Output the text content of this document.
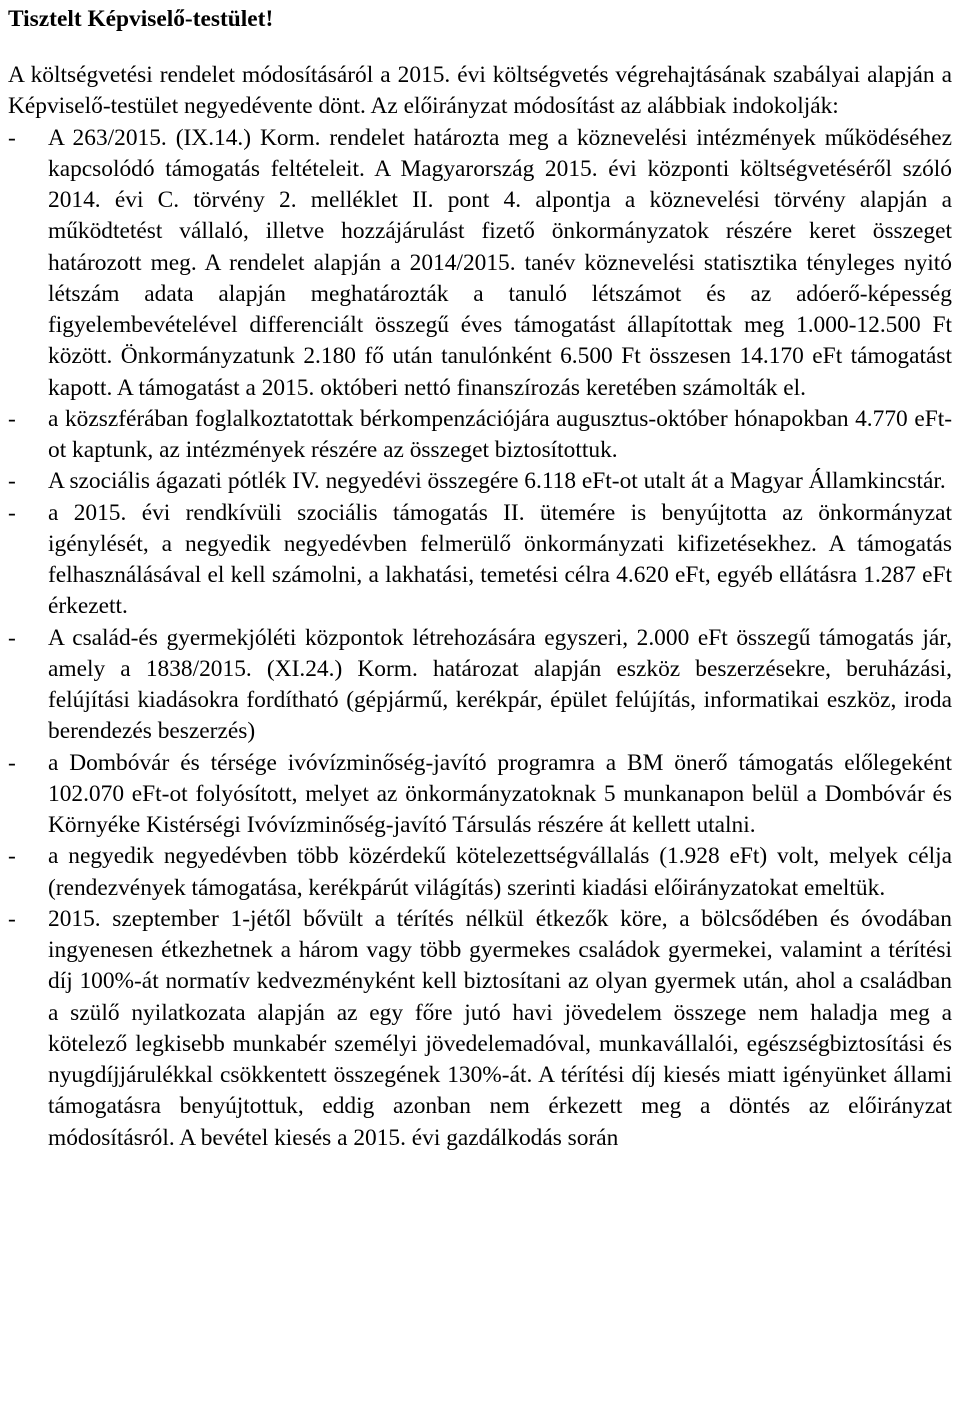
Tisztelt Képviselő-testület!

A költségvetési rendelet módosításáról a 2015. évi költségvetés végrehajtásának szabályai alapján a Képviselő-testület negyedévente dönt. Az előirányzat módosítást az alábbiak indokolják:

- A 263/2015. (IX.14.) Korm. rendelet határozta meg a köznevelési intézmények működéséhez kapcsolódó támogatás feltételeit. A Magyarország 2015. évi központi költségvetéséről szóló 2014. évi C. törvény 2. melléklet II. pont 4. alpontja a köznevelési törvény alapján a működtetést vállaló, illetve hozzájárulást fizető önkormányzatok részére keret összeget határozott meg. A rendelet alapján a 2014/2015. tanév köznevelési statisztika tényleges nyitó létszám adata alapján meghatározták a tanuló létszámot és az adóerő-képesség figyelembevételével differenciált összegű éves támogatást állapítottak meg 1.000-12.500 Ft között. Önkormányzatunk 2.180 fő után tanulónként 6.500 Ft összesen 14.170 eFt támogatást kapott. A támogatást a 2015. októberi nettó finanszírozás keretében számolták el.
- a közszférában foglalkoztatottak bérkompenzációjára augusztus-október hónapokban 4.770 eFt-ot kaptunk, az intézmények részére az összeget biztosítottuk.
- A szociális ágazati pótlék IV. negyedévi összegére 6.118 eFt-ot utalt át a Magyar Államkincstár.
- a 2015. évi rendkívüli szociális támogatás II. ütemére is benyújtotta az önkormányzat igénylését, a negyedik negyedévben felmerülő önkormányzati kifizetésekhez. A támogatás felhasználásával el kell számolni, a lakhatási, temetési célra 4.620 eFt, egyéb ellátásra 1.287 eFt érkezett.
- A család-és gyermekjóléti központok létrehozására egyszeri, 2.000 eFt összegű támogatás jár, amely a 1838/2015. (XI.24.) Korm. határozat alapján eszköz beszerzésekre, beruházási, felújítási kiadásokra fordítható (gépjármű, kerékpár, épület felújítás, informatikai eszköz, iroda berendezés beszerzés)
- a Dombóvár és térsége ivóvízminőség-javító programra a BM önerő támogatás előlegeként 102.070 eFt-ot folyósított, melyet az önkormányzatoknak 5 munkanapon belül a Dombóvár és Környéke Kistérségi Ivóvízminőség-javító Társulás részére át kellett utalni.
- a negyedik negyedévben több közérdekű kötelezettségvállalás (1.928 eFt) volt, melyek célja (rendezvények támogatása, kerékpárút világítás) szerinti kiadási előirányzatokat emeltük.
- 2015. szeptember 1-jétől bővült a térítés nélkül étkezők köre, a bölcsődében és óvodában ingyenesen étkezhetnek a három vagy több gyermekes családok gyermekei, valamint a térítési díj 100%-át normatív kedvezményként kell biztosítani az olyan gyermek után, ahol a családban a szülő nyilatkozata alapján az egy főre jutó havi jövedelem összege nem haladja meg a kötelező legkisebb munkabér személyi jövedelemadóval, munkavállalói, egészségbiztosítási és nyugdíjjárulékkal csökkentett összegének 130%-át. A térítési díj kiesés miatt igényünket állami támogatásra benyújtottuk, eddig azonban nem érkezett meg a döntés az előirányzat módosításról. A bevétel kiesés a 2015. évi gazdálkodás során
